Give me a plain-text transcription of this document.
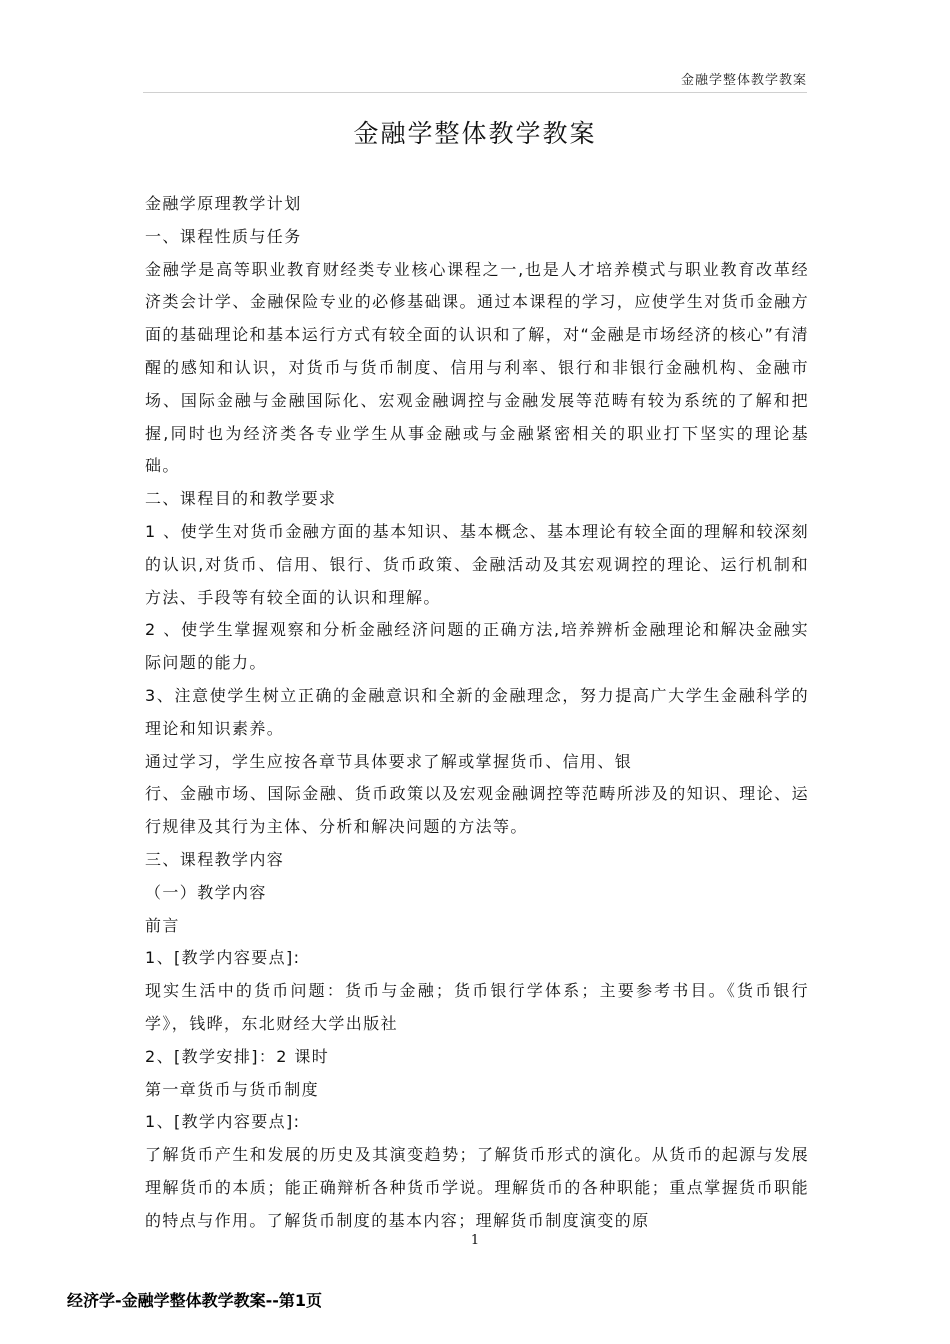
金融学整体教学教案
金融学整体教学教案

金融学原理教学计划

一、课程性质与任务

金融学是高等职业教育财经类专业核心课程之一,也是人才培养模式与职业教育改革经济类会计学、金融保险专业的必修基础课。通过本课程的学习，应使学生对货币金融方面的基础理论和基本运行方式有较全面的认识和了解，对“金融是市场经济的核心”有清醒的感知和认识，对货币与货币制度、信用与利率、银行和非银行金融机构、金融市场、国际金融与金融国际化、宏观金融调控与金融发展等范畴有较为系统的了解和把握,同时也为经济类各专业学生从事金融或与金融紧密相关的职业打下坚实的理论基础。

二、课程目的和教学要求

1 、使学生对货币金融方面的基本知识、基本概念、基本理论有较全面的理解和较深刻的认识,对货币、信用、银行、货币政策、金融活动及其宏观调控的理论、运行机制和方法、手段等有较全面的认识和理解。

2 、使学生掌握观察和分析金融经济问题的正确方法,培养辨析金融理论和解决金融实际问题的能力。

3、注意使学生树立正确的金融意识和全新的金融理念，努力提高广大学生金融科学的理论和知识素养。

通过学习，学生应按各章节具体要求了解或掌握货币、信用、银

行、金融市场、国际金融、货币政策以及宏观金融调控等范畴所涉及的知识、理论、运行规律及其行为主体、分析和解决问题的方法等。

三、课程教学内容

（一）教学内容

前言

1、[教学内容要点]:

现实生活中的货币问题：货币与金融；货币银行学体系；主要参考书目。《货币银行学》，钱晔，东北财经大学出版社

2、[教学安排]：2 课时

第一章货币与货币制度

1、[教学内容要点]:

了解货币产生和发展的历史及其演变趋势；了解货币形式的演化。从货币的起源与发展理解货币的本质；能正确辩析各种货币学说。理解货币的各种职能；重点掌握货币职能的特点与作用。了解货币制度的基本内容；理解货币制度演变的原

1
经济学-金融学整体教学教案--第1页
